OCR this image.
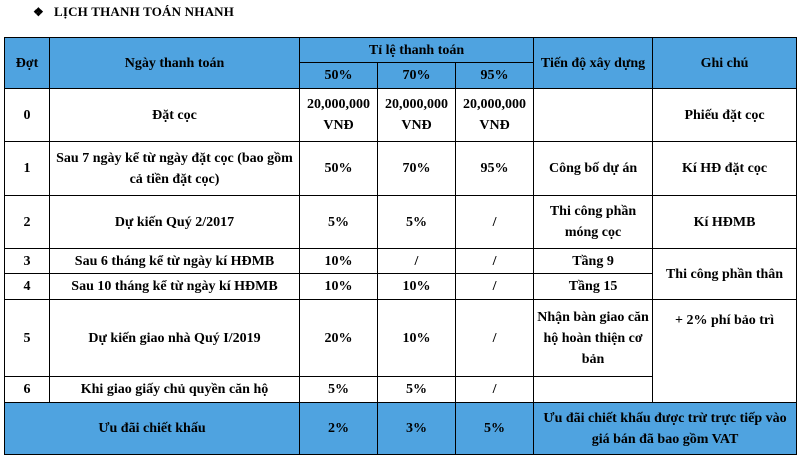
❖ LỊCH THANH TOÁN NHANH
Đợt	Ngày thanh toán	Tỉ lệ thanh toán			Tiến độ xây dựng	Ghi chú
		50%	70%	95%		
0	Đặt cọc	20,000,000 VNĐ	20,000,000 VNĐ	20,000,000 VNĐ		Phiếu đặt cọc
1	Sau 7 ngày kể từ ngày đặt cọc (bao gồm cả tiền đặt cọc)	50%	70%	95%	Công bố dự án	Kí HĐ đặt cọc
2	Dự kiến Quý 2/2017	5%	5%	/	Thi công phần móng cọc	Kí HĐMB
3	Sau 6 tháng kể từ ngày kí HĐMB	10%	/	/	Tầng 9	Thi công phần thân
4	Sau 10 tháng kể từ ngày kí HĐMB	10%	10%	/	Tầng 15	
5	Dự kiến giao nhà Quý I/2019	20%	10%	/	Nhận bàn giao căn hộ hoàn thiện cơ bản	+ 2% phí bảo trì
6	Khi giao giấy chủ quyền căn hộ	5%	5%	/		
Ưu đãi chiết khấu		2%	3%	5%	Ưu đãi chiết khấu được trừ trực tiếp vào giá bán đã bao gồm VAT	
